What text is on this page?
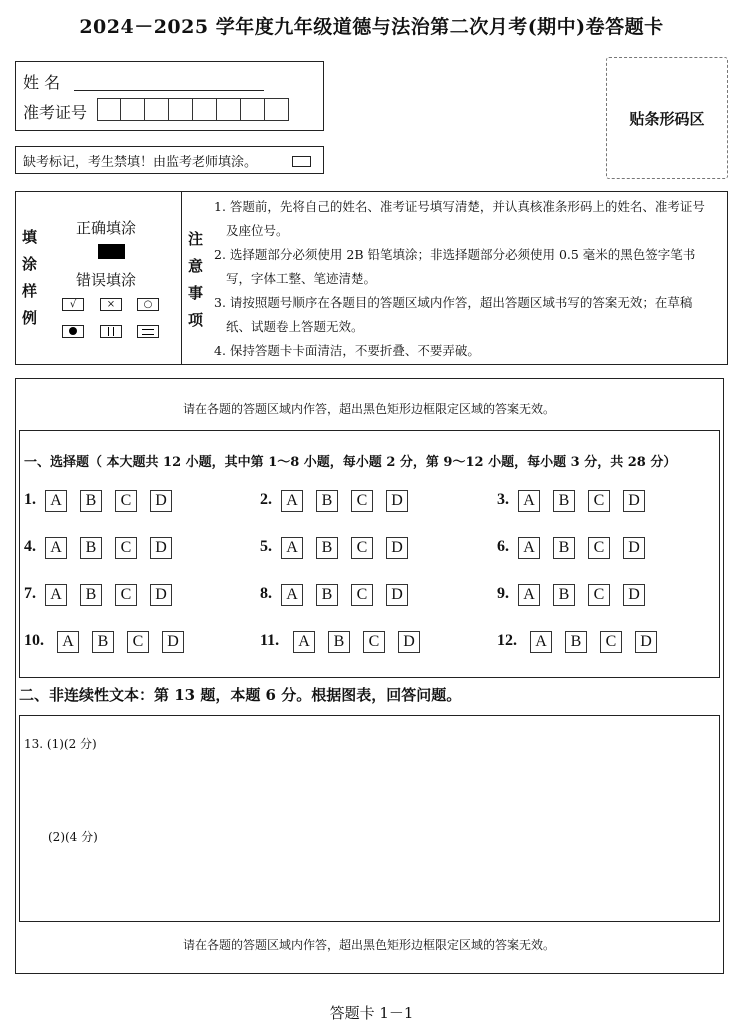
2024－2025 学年度九年级道德与法治第二次月考(期中)卷答题卡
姓 名
准考证号	贴条形码区
缺考标记，考生禁填！由监考老师填涂。
填
涂
样
例
正确填涂
错误填涂
√	×	○
注
意
事
项
1. 答题前，先将自己的姓名、准考证号填写清楚，并认真核准条形码上的姓名、准考证号
及座位号。
2. 选择题部分必须使用 2B 铅笔填涂；非选择题部分必须使用 0.5 毫米的黑色签字笔书
写，字体工整、笔迹清楚。
3. 请按照题号顺序在各题目的答题区域内作答，超出答题区域书写的答案无效；在草稿
纸、试题卷上答题无效。
4. 保持答题卡卡面清洁，不要折叠、不要弄破。
请在各题的答题区域内作答，超出黑色矩形边框限定区域的答案无效。
一、选择题（ 本大题共 12 小题，其中第 1～8 小题，每小题 2 分，第 9～12 小题，每小题 3 分，共 28 分）
1. A	B	C	D	2. A	B	C	D	3. A	B	C	D
4. A	B	C	D	5. A	B	C	D	6. A	B	C	D
7. A	B	C	D	8. A	B	C	D	9. A	B	C	D
10.	A	B	C	D	11.	A	B	C	D	12.	A	B	C	D
二、非连续性文本：第 13 题，本题 6 分。根据图表，回答问题。
13. (1)(2 分)
(2)(4 分)
请在各题的答题区域内作答，超出黑色矩形边框限定区域的答案无效。
答题卡 1－1
